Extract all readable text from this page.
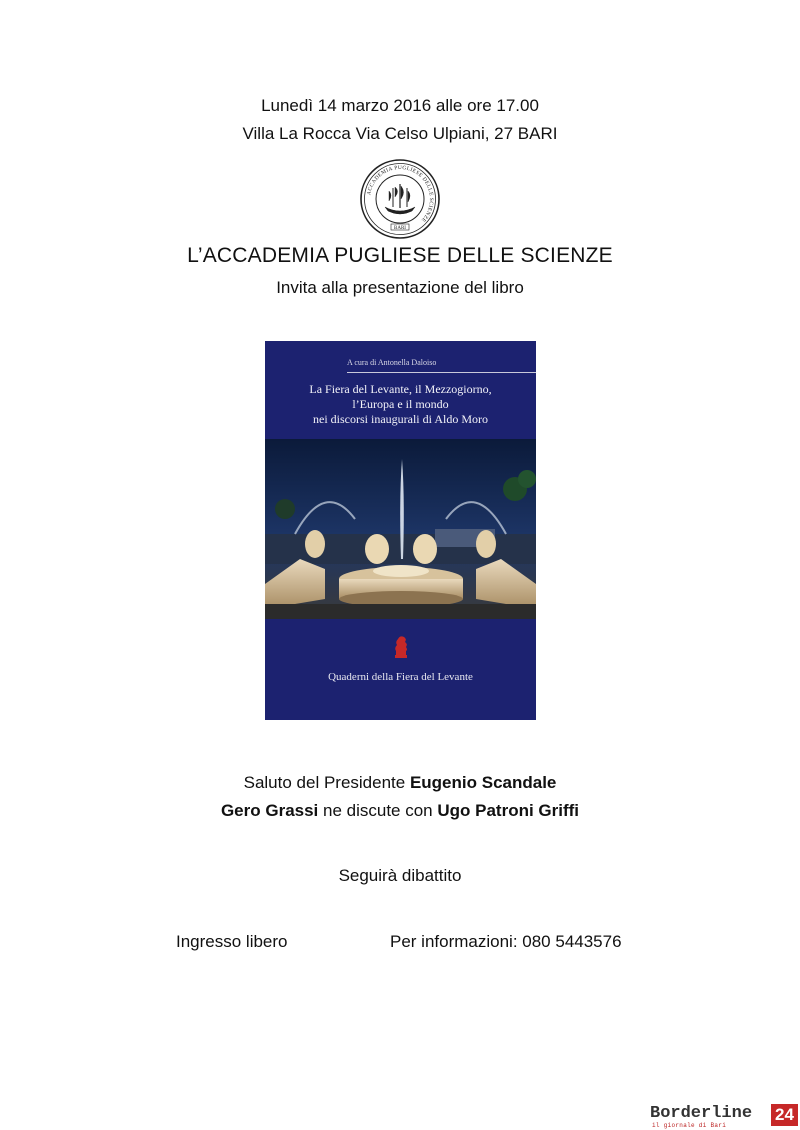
Lunedì 14 marzo 2016 alle ore 17.00
Villa La Rocca Via Celso Ulpiani, 27 BARI
ACCADEMIA PUGLIESE DELLE SCIENZE
BARI
L’ACCADEMIA PUGLIESE DELLE SCIENZE
Invita alla presentazione del libro
A cura di Antonella Daloiso
La Fiera del Levante, il Mezzogiorno,
l’Europa e il mondo
nei discorsi inaugurali di Aldo Moro
Quaderni della Fiera del Levante
Saluto del Presidente Eugenio Scandale
Gero Grassi ne discute con Ugo Patroni Griffi
Seguirà dibattito
Ingresso libero	Per informazioni: 080 5443576
Borderline 24
il giornale di Bari
